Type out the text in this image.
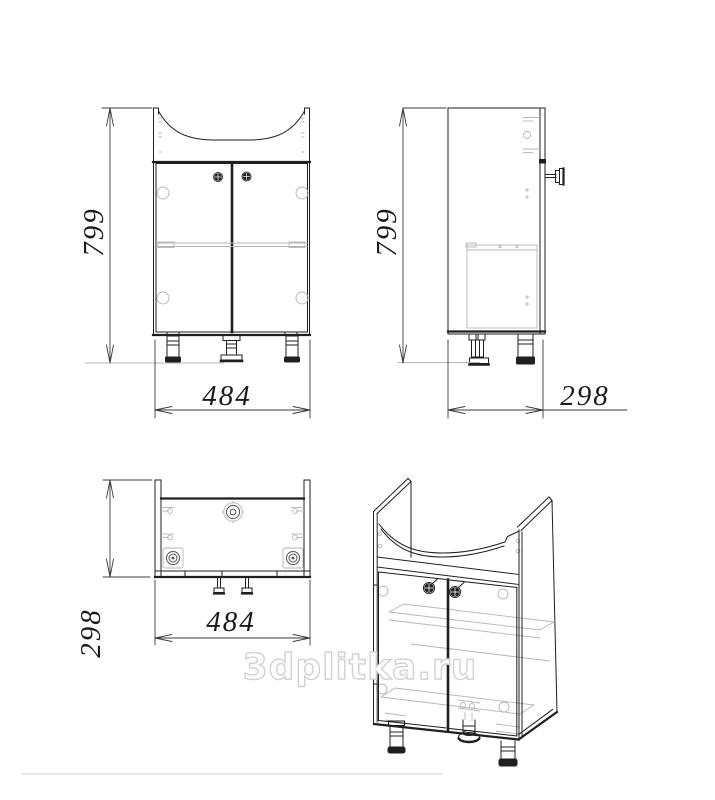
799
484
799
298
298	484
3dplitka.ru
